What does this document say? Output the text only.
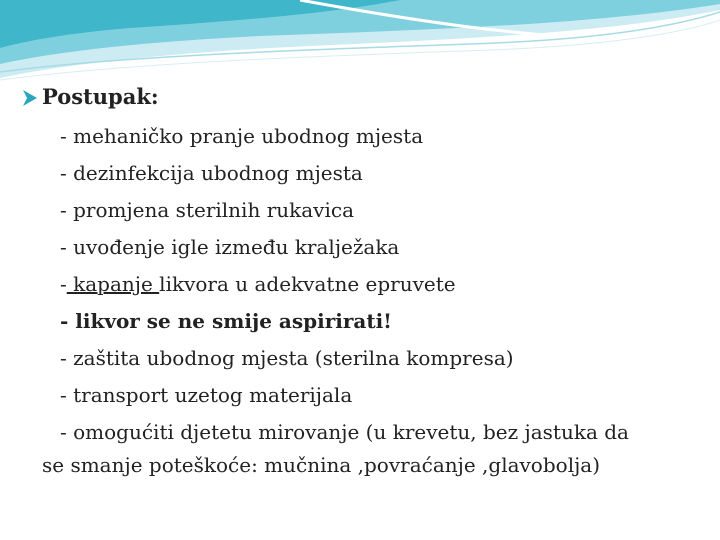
Postupak:
- mehaničko pranje ubodnog mjesta
- dezinfekcija ubodnog mjesta
- promjena sterilnih rukavica
- uvođenje igle između kralježaka
- kapanje likvora u adekvatne epruvete
- likvor se ne smije aspirirati!
- zaštita ubodnog mjesta (sterilna kompresa)
- transport uzetog materijala
- omogućiti djetetu mirovanje (u krevetu, bez jastuka da
se smanje poteškoće: mučnina ,povraćanje ,glavobolja)
